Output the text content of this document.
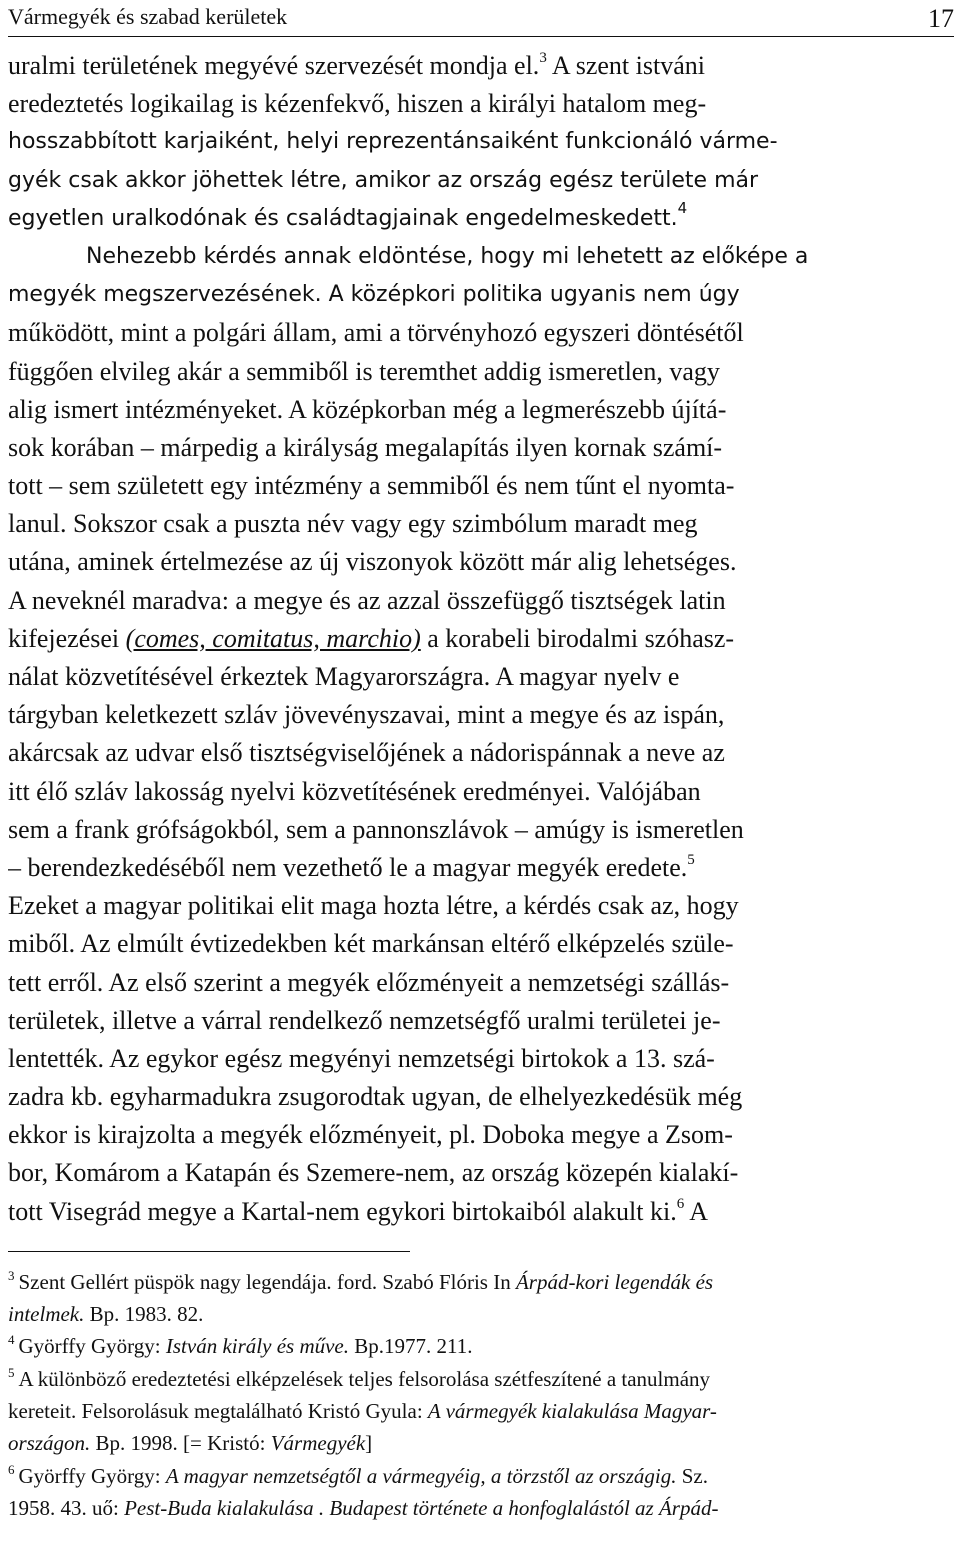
Vármegyék és szabad kerületek	17
uralmi területének megyévé szervezését mondja el.$^3$ A szent istváni
eredeztetés logikailag is kézenfekvő, hiszen a királyi hatalom meg-
hosszabbított karjaiként, helyi reprezentánsaiként funkcionáló várme-
gyék csak akkor jöhettek létre, amikor az ország egész területe már
egyetlen uralkodónak és családtagjainak engedelmeskedett.$^4$
Nehezebb kérdés annak eldöntése, hogy mi lehetett az előképe a
megyék megszervezésének. A középkori politika ugyanis nem úgy
működött, mint a polgári állam, ami a törvényhozó egyszeri döntésétől
függően elvileg akár a semmiből is teremthet addig ismeretlen, vagy
alig ismert intézményeket. A középkorban még a legmerészebb újítá-
sok korában – márpedig a királyság megalapítás ilyen kornak számí-
tott – sem született egy intézmény a semmiből és nem tűnt el nyomta-
lanul. Sokszor csak a puszta név vagy egy szimbólum maradt meg
utána, aminek értelmezése az új viszonyok között már alig lehetséges.
A neveknél maradva: a megye és az azzal összefüggő tisztségek latin
kifejezései (comes, comitatus, marchio) a korabeli birodalmi szóhasz-
nálat közvetítésével érkeztek Magyarországra. A magyar nyelv e
tárgyban keletkezett szláv jövevényszavai, mint a megye és az ispán,
akárcsak az udvar első tisztségviselőjének a nádorispánnak a neve az
itt élő szláv lakosság nyelvi közvetítésének eredményei. Valójában
sem a frank grófságokból, sem a pannonszlávok – amúgy is ismeretlen
– berendezkedéséből nem vezethető le a magyar megyék eredete.$^5$
Ezeket a magyar politikai elit maga hozta létre, a kérdés csak az, hogy
miből. Az elmúlt évtizedekben két markánsan eltérő elképzelés szüle-
tett erről. Az első szerint a megyék előzményeit a nemzetségi szállás-
területek, illetve a várral rendelkező nemzetségfő uralmi területei je-
lentették. Az egykor egész megyényi nemzetségi birtokok a 13. szá-
zadra kb. egyharmadukra zsugorodtak ugyan, de elhelyezkedésük még
ekkor is kirajzolta a megyék előzményeit, pl. Doboka megye a Zsom-
bor, Komárom a Katapán és Szemere-nem, az ország közepén kialakí-
tott Visegrád megye a Kartal-nem egykori birtokaiból alakult ki.$^6$ A
$^3$ Szent Gellért püspök nagy legendája. ford. Szabó Flóris In Árpád-kori legendák és
intelmek. Bp. 1983. 82.
$^4$ Györffy György: István király és műve. Bp.1977. 211.
$^5$ A különböző eredeztetési elképzelések teljes felsorolása szétfeszítené a tanulmány
kereteit. Felsorolásuk megtalálható Kristó Gyula: A vármegyék kialakulása Magyar-
országon. Bp. 1998. [= Kristó: Vármegyék]
$^6$ Györffy György: A magyar nemzetségtől a vármegyéig, a törzstől az országig. Sz.
1958. 43. uő: Pest-Buda kialakulása . Budapest története a honfoglalástól az Árpád-
